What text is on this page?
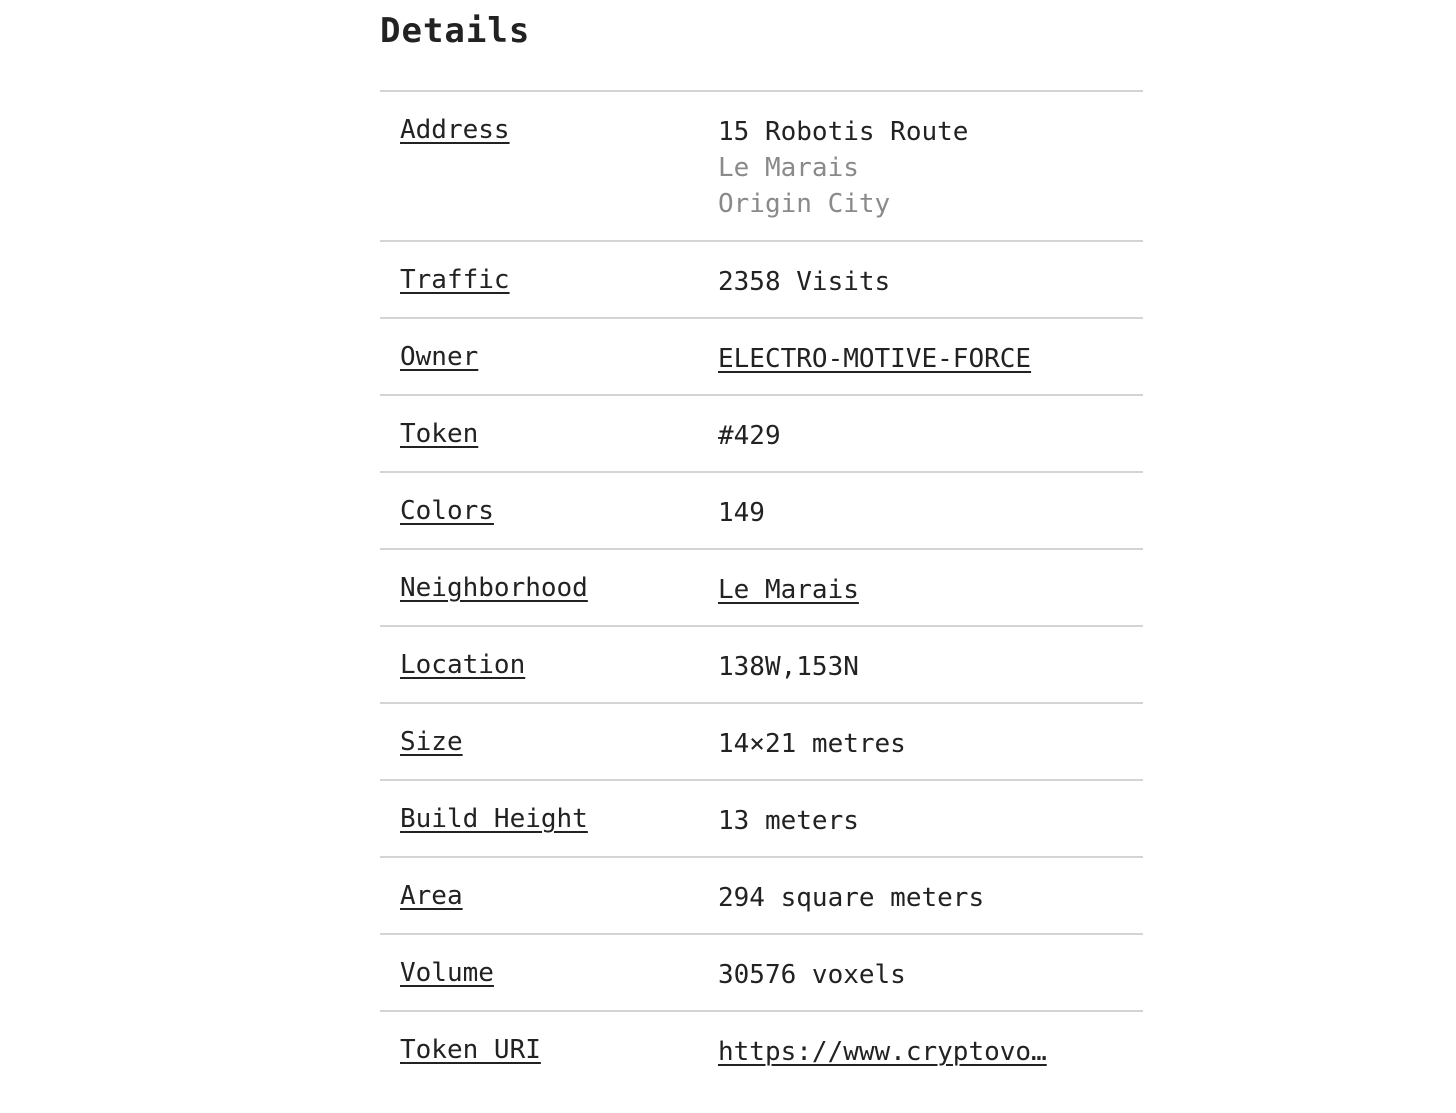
Details
Address	15 Robotis Route
Le Marais
Origin City
Traffic	2358 Visits
Owner	ELECTRO-MOTIVE-FORCE
Token	#429
Colors	149
Neighborhood	Le Marais
Location	138W,153N
Size	14×21 metres
Build Height	13 meters
Area	294 square meters
Volume	30576 voxels
Token URI	https://www.cryptovo…
